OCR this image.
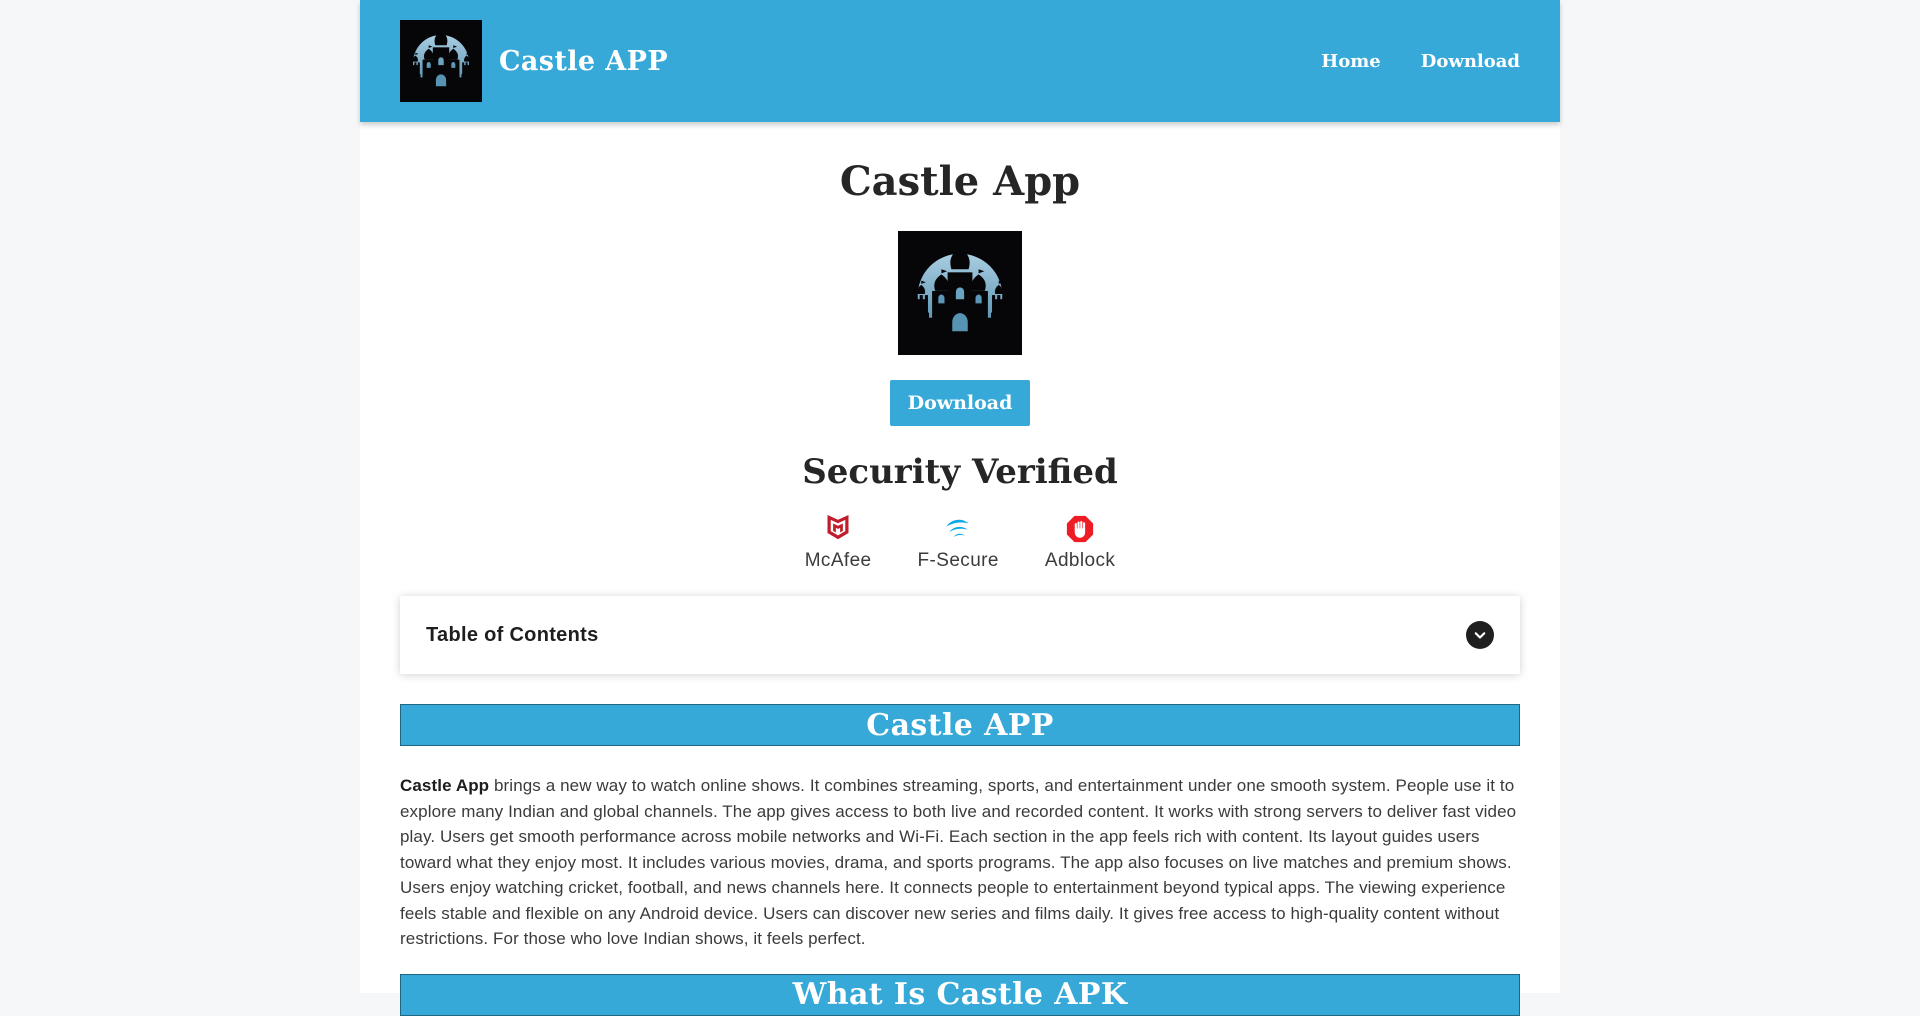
Castle APP	Home Download
Castle App
Download
Security Verified
McAfee F-Secure Adblock
Table of Contents
Castle APP

Castle App brings a new way to watch online shows. It combines streaming, sports, and entertainment under one smooth system. People use it to explore many Indian and global channels. The app gives access to both live and recorded content. It works with strong servers to deliver fast video play. Users get smooth performance across mobile networks and Wi-Fi. Each section in the app feels rich with content. Its layout guides users toward what they enjoy most. It includes various movies, drama, and sports programs. The app also focuses on live matches and premium shows. Users enjoy watching cricket, football, and news channels here. It connects people to entertainment beyond typical apps. The viewing experience feels stable and flexible on any Android device. Users can discover new series and films daily. It gives free access to high-quality content without restrictions. For those who love Indian shows, it feels perfect.

What Is Castle APK
